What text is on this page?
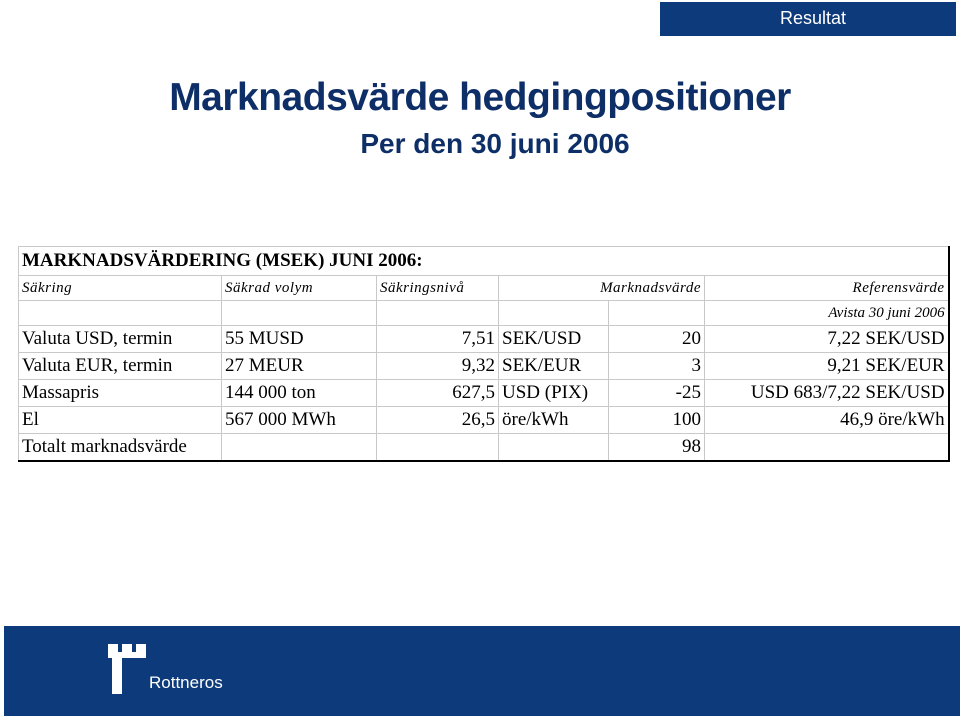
Resultat
Marknadsvärde hedgingpositioner
Per den 30 juni 2006
MARKNADSVÄRDERING (MSEK) JUNI 2006:					
Säkring	Säkrad volym	Säkringsnivå	Marknadsvärde		Referensvärde
					Avista 30 juni 2006
Valuta USD, termin	55 MUSD	7,51	SEK/USD	20	7,22 SEK/USD
Valuta EUR, termin	27 MEUR	9,32	SEK/EUR	3	9,21 SEK/EUR
Massapris	144 000 ton	627,5	USD (PIX)	-25	USD 683/7,22 SEK/USD
El	567 000 MWh	26,5	öre/kWh	100	46,9 öre/kWh
Totalt marknadsvärde				98	
Rottneros
